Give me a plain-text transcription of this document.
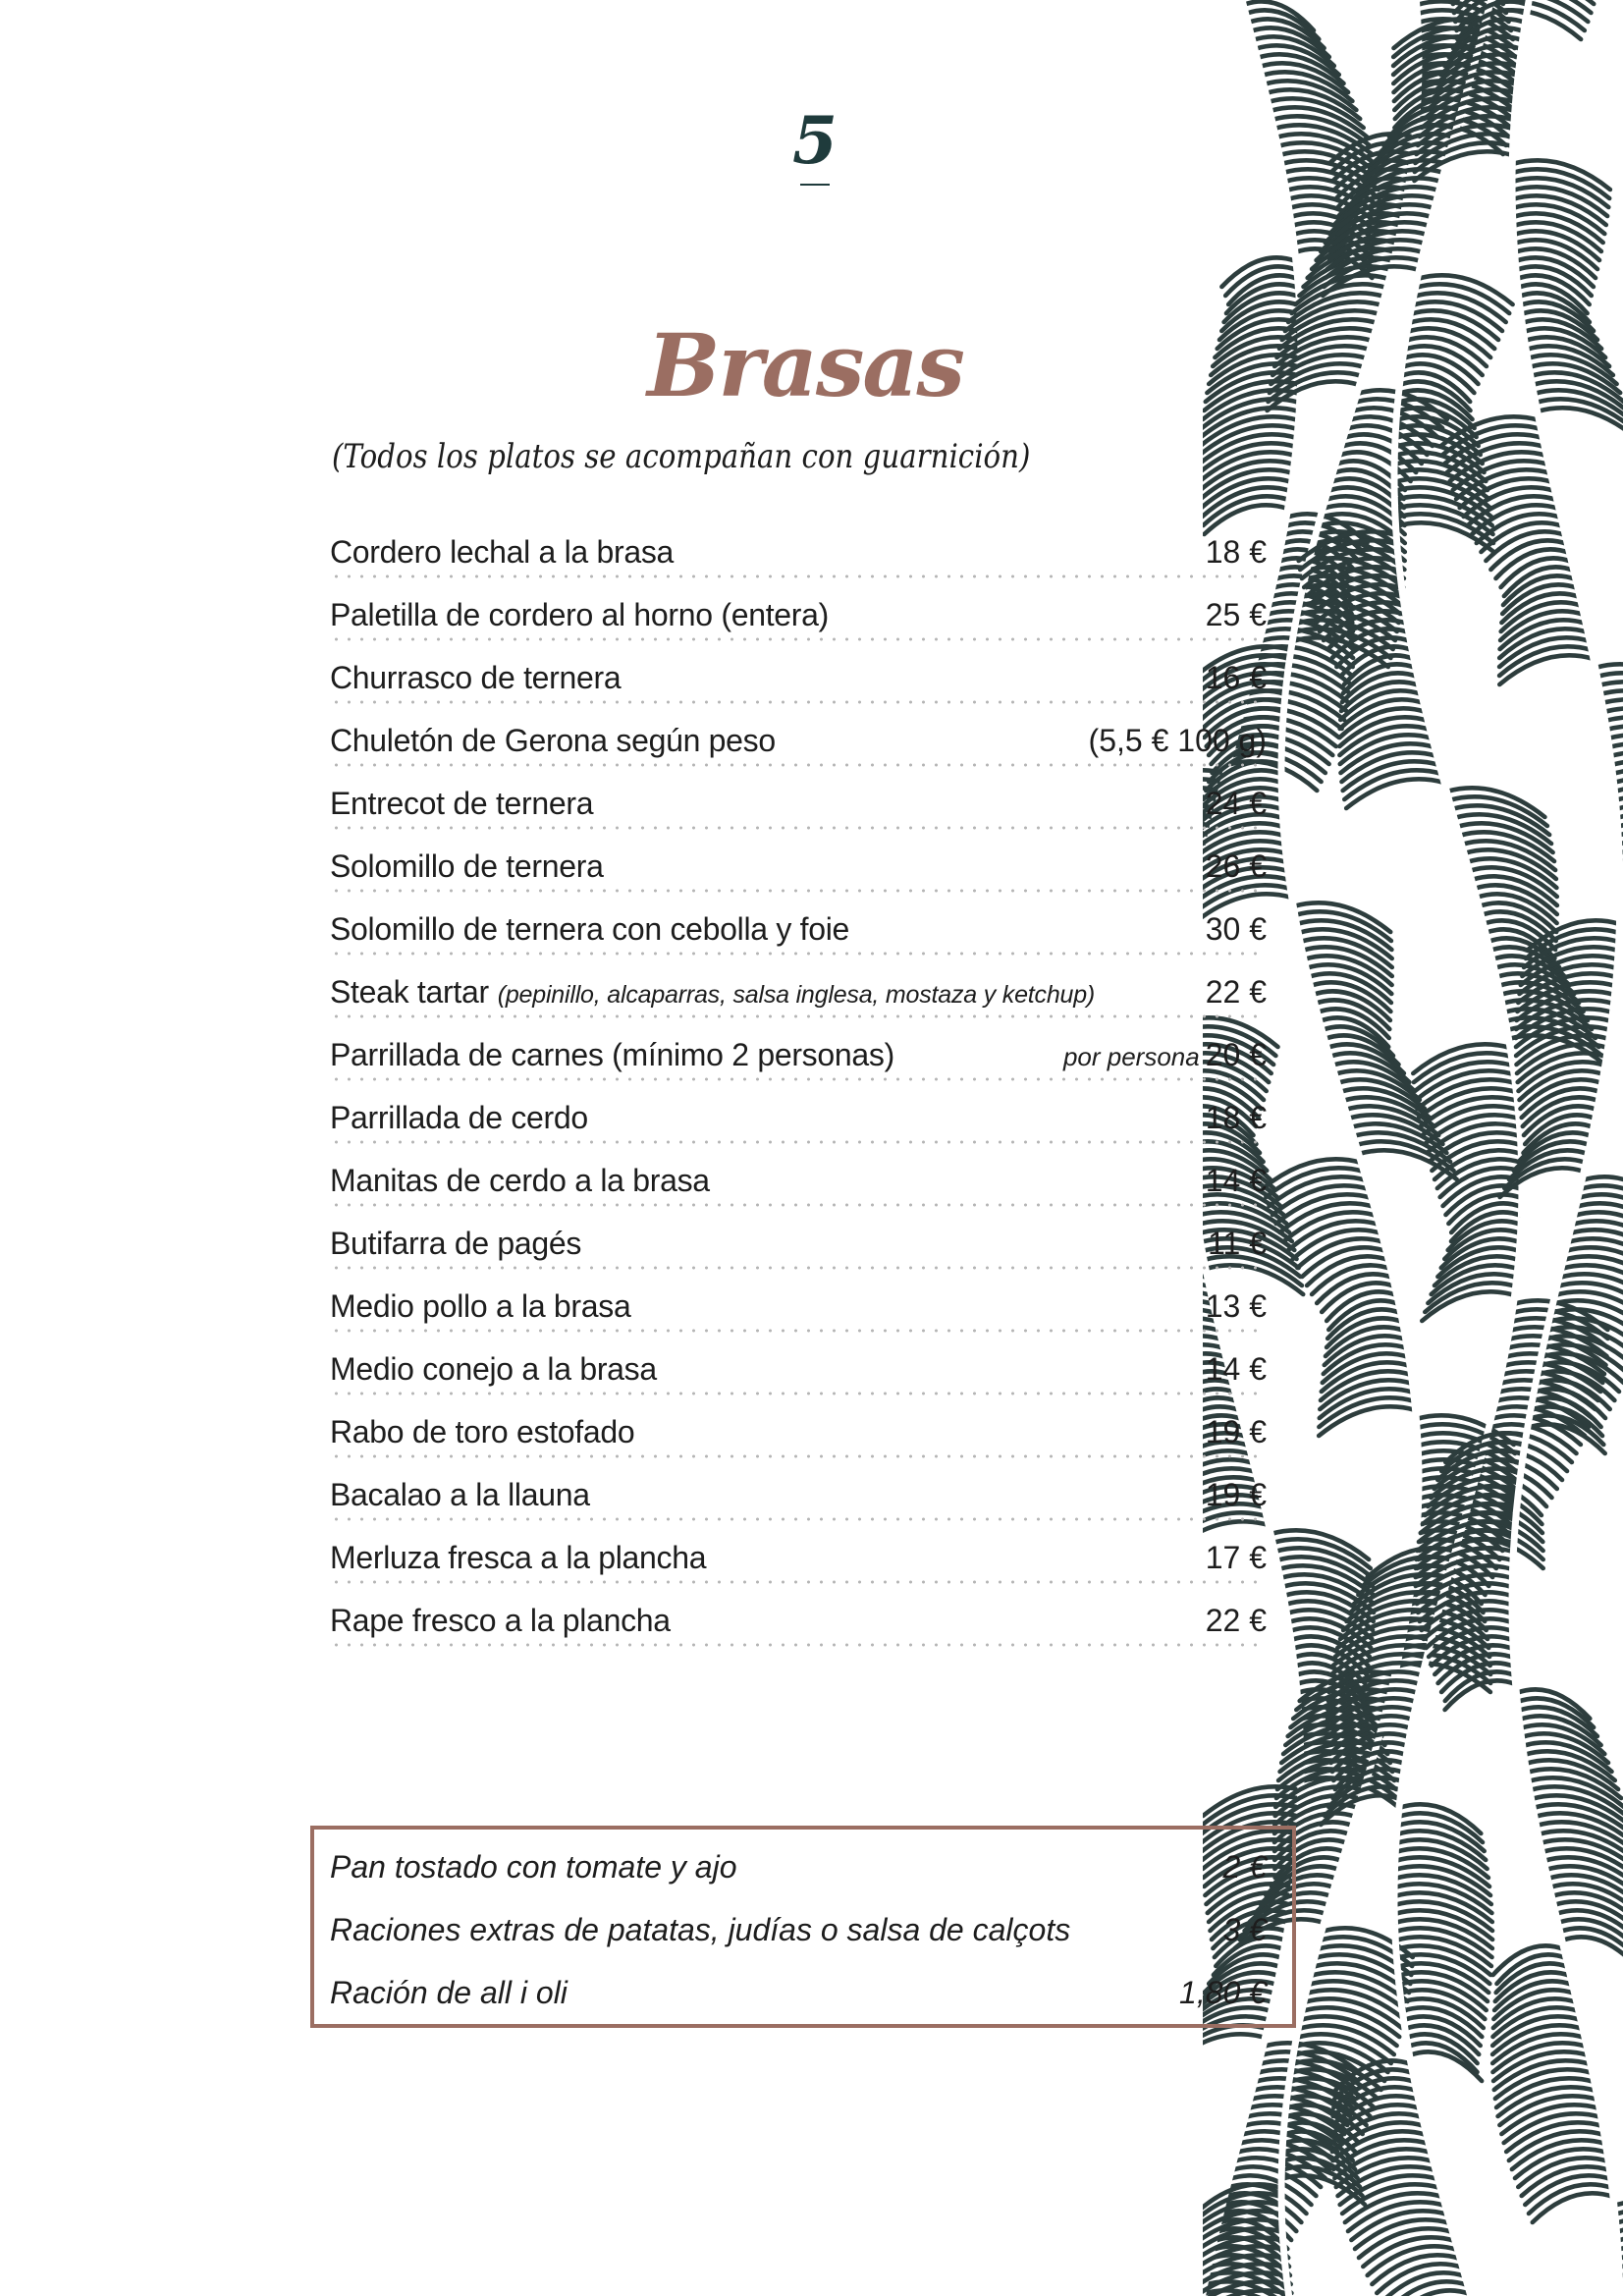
5
Brasas
(Todos los platos se acompañan con guarnición)
Cordero lechal a la brasa	18 €
Paletilla de cordero al horno (entera)	25 €
Churrasco de ternera	16 €
Chuletón de Gerona según peso	(5,5 € 100 g)
Entrecot de ternera	24 €
Solomillo de ternera	26 €
Solomillo de ternera con cebolla y foie	30 €
Steak tartar (pepinillo, alcaparras, salsa inglesa, mostaza y ketchup)	22 €
Parrillada de carnes (mínimo 2 personas)	por persona 20 €
Parrillada de cerdo	18 €
Manitas de cerdo a la brasa	14 €
Butifarra de pagés	11 €
Medio pollo a la brasa	13 €
Medio conejo a la brasa	14 €
Rabo de toro estofado	19 €
Bacalao a la llauna	19 €
Merluza fresca a la plancha	17 €
Rape fresco a la plancha	22 €
Pan tostado con tomate y ajo	2 €
Raciones extras de patatas, judías o salsa de calçots	3 €
Ración de all i oli	1,80 €
